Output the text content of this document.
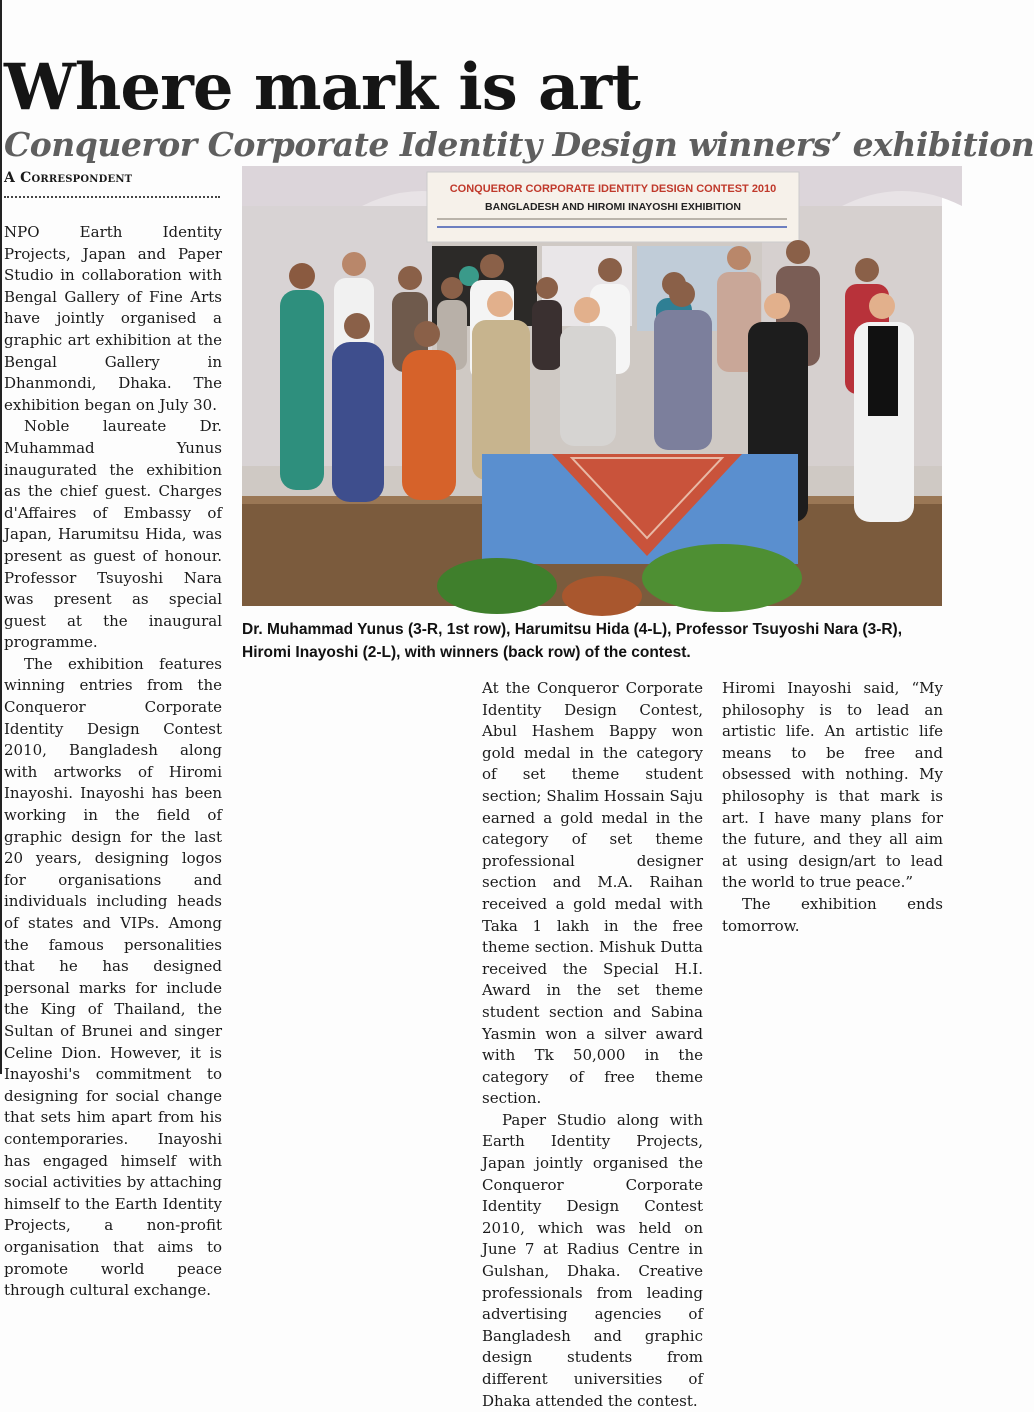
Where mark is art
Conqueror Corporate Identity Design winners’ exhibition
A Correspondent

NPO Earth Identity Projects, Japan and Paper Studio in collaboration with Bengal Gallery of Fine Arts have jointly organised a graphic art exhibition at the Bengal Gallery in Dhanmondi, Dhaka. The exhibition began on July 30.

Noble laureate Dr. Muhammad Yunus inaugurated the exhibition as the chief guest. Charges d'Affaires of Embassy of Japan, Harumitsu Hida, was present as guest of honour. Professor Tsuyoshi Nara was present as special guest at the inaugural programme.

The exhibition features winning entries from the Conqueror Corporate Identity Design Contest 2010, Bangladesh along with artworks of Hiromi Inayoshi. Inayoshi has been working in the field of graphic design for the last 20 years, designing logos for organisations and individuals including heads of states and VIPs. Among the famous personalities that he has designed personal marks for include the King of Thailand, the Sultan of Brunei and singer Celine Dion. However, it is Inayoshi's commitment to designing for social change that sets him apart from his contemporaries. Inayoshi has engaged himself with social activities by attaching himself to the Earth Identity Projects, a non-profit organisation that aims to promote world peace through cultural exchange.

CONQUEROR CORPORATE IDENTITY DESIGN CONTEST 2010
BANGLADESH AND HIROMI INAYOSHI EXHIBITION
Dr. Muhammad Yunus (3-R, 1st row), Harumitsu Hida (4-L), Professor Tsuyoshi Nara (3-R), Hiromi Inayoshi (2-L), with winners (back row) of the contest.

At the Conqueror Corporate Identity Design Contest, Abul Hashem Bappy won gold medal in the category of set theme student section; Shalim Hossain Saju earned a gold medal in the category of set theme professional designer section and M.A. Raihan received a gold medal with Taka 1 lakh in the free theme section. Mishuk Dutta received the Special H.I. Award in the set theme student section and Sabina Yasmin won a silver award with Tk 50,000 in the category of free theme section.

Paper Studio along with Earth Identity Projects, Japan jointly organised the Conqueror Corporate Identity Design Contest 2010, which was held on June 7 at Radius Centre in Gulshan, Dhaka. Creative professionals from leading advertising agencies of Bangladesh and graphic design students from different universities of Dhaka attended the contest.

Hiromi Inayoshi said, “My philosophy is to lead an artistic life. An artistic life means to be free and obsessed with nothing. My philosophy is that mark is art. I have many plans for the future, and they all aim at using design/art to lead the world to true peace.”

The exhibition ends tomorrow.
